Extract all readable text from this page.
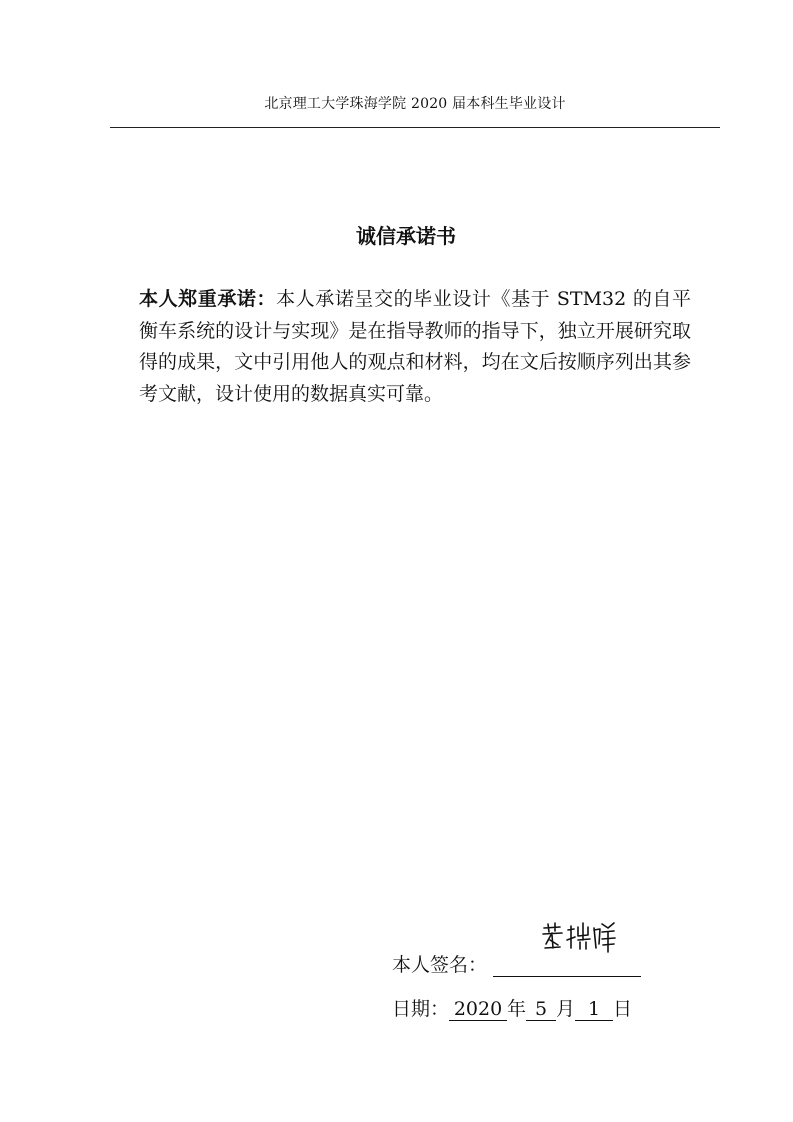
北京理工大学珠海学院 2020 届本科生毕业设计
诚信承诺书
本人郑重承诺：本人承诺呈交的毕业设计《基于 STM32 的自平衡车系统的设计与实现》是在指导教师的指导下，独立开展研究取得的成果，文中引用他人的观点和材料，均在文后按顺序列出其参考文献，设计使用的数据真实可靠。
本人签名：
日期： 2020 年 5 月 1 日
